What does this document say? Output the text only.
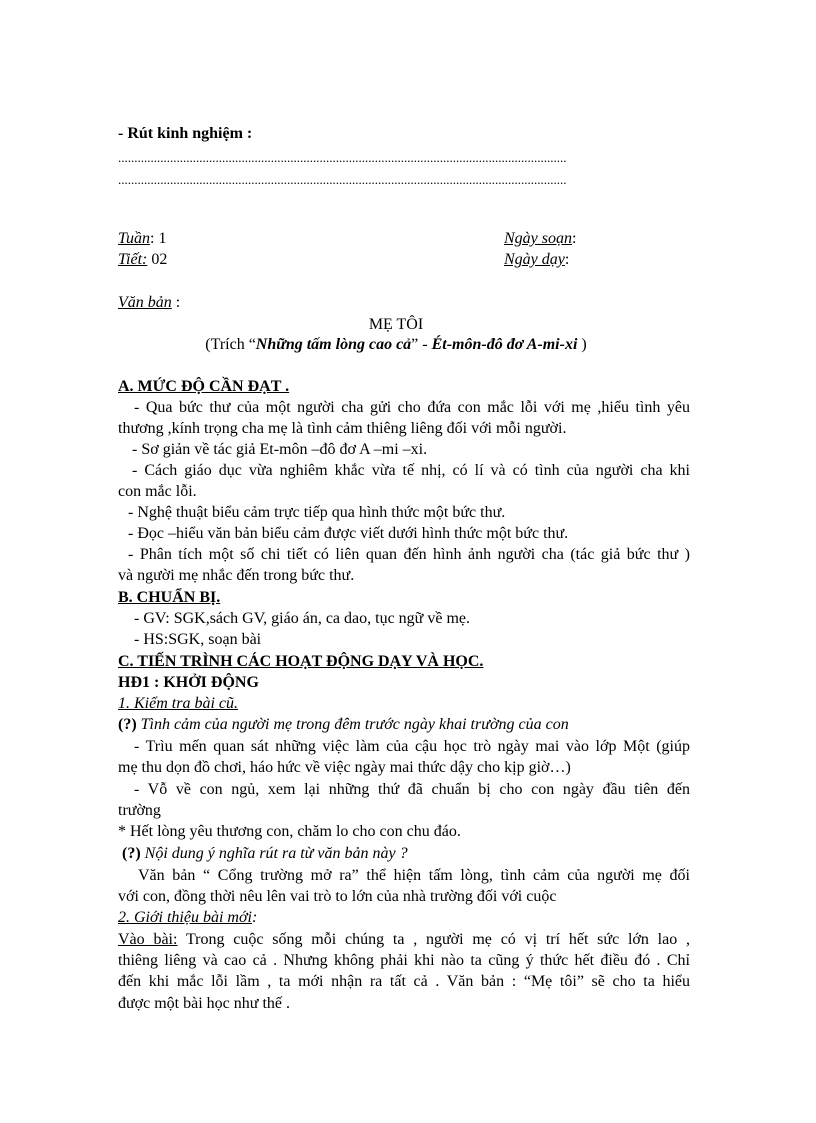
- Rút kinh nghiệm :
..........................................................................................................................................
..........................................................................................................................................
Tuần: 1
Tiết: 02
Ngày soạn:
Ngày dạy:
Văn bản :
MẸ TÔI
(Trích “Những tấm lòng cao cả” - Ét-môn-đô đơ A-mi-xi )
A. MỨC ĐỘ CẦN ĐẠT .
- Qua bức thư của một người cha gửi cho đứa con mắc lỗi với mẹ ,hiểu tình yêu
thương ,kính trọng cha mẹ là tình cảm thiêng liêng đối với mỗi người.
- Sơ giản về tác giả Et-môn –đô đơ A –mi –xi.
- Cách giáo dục vừa nghiêm khắc vừa tế nhị, có lí và có tình của người cha khi
con mắc lỗi.
- Nghệ thuật biểu cảm trực tiếp qua hình thức một bức thư.
- Đọc –hiểu văn bản biểu cảm được viết dưới hình thức một bức thư.
- Phân tích một số chi tiết có liên quan đến hình ảnh người cha (tác giả bức thư )
và người mẹ nhắc đến trong bức thư.
B. CHUẨN BỊ.
- GV: SGK,sách GV, giáo án, ca dao, tục ngữ về mẹ.
- HS:SGK, soạn bài
C. TIẾN TRÌNH CÁC HOẠT ĐỘNG DẠY VÀ HỌC.
HĐ1 : KHỞI ĐỘNG
1. Kiểm tra bài cũ.
(?) Tình cảm của người mẹ trong đêm trước ngày khai trường của con
- Trìu mến quan sát những việc làm của cậu học trò ngày mai vào lớp Một (giúp
mẹ thu dọn đồ chơi, háo hức về việc ngày mai thức dậy cho kịp giờ…)
- Vỗ về con ngủ, xem lại những thứ đã chuẩn bị cho con ngày đầu tiên đến
trường
* Hết lòng yêu thương con, chăm lo cho con chu đáo.
(?) Nội dung ý nghĩa rút ra từ văn bản này ?
Văn bản “ Cổng trường mở ra” thể hiện tấm lòng, tình cảm của người mẹ đối
với con, đồng thời nêu lên vai trò to lớn của nhà trường đối với cuộc
2. Giới thiệu bài mới:
Vào bài: Trong cuộc sống mỗi chúng ta , người mẹ có vị trí hết sức lớn lao ,
thiêng liêng và cao cả . Nhưng không phải khi nào ta cũng ý thức hết điều đó . Chỉ
đến khi mắc lỗi lầm , ta mới nhận ra tất cả . Văn bản : “Mẹ tôi” sẽ cho ta hiểu
được một bài học như thế .
